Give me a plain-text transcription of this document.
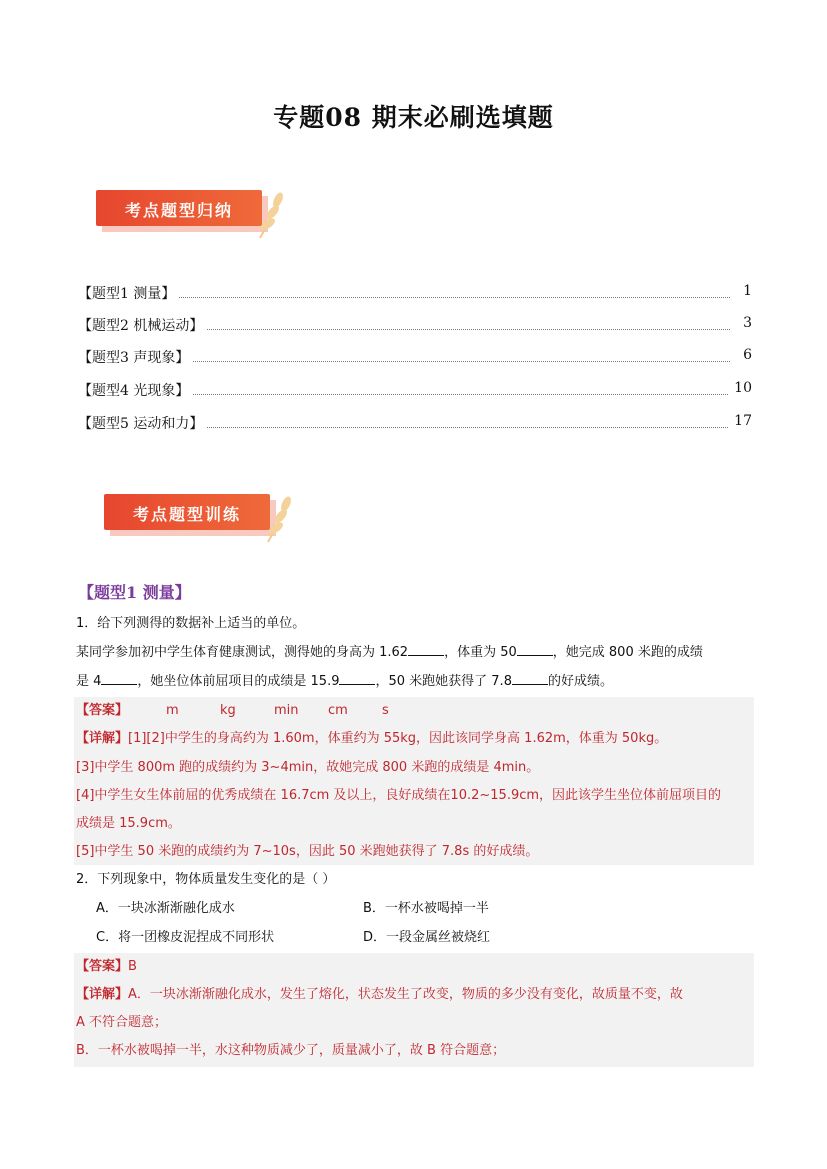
专题08 期末必刷选填题
考点题型归纳
【题型1 测量】	1
【题型2 机械运动】	3
【题型3 声现象】	6
【题型4 光现象】	10
【题型5 运动和力】	17
考点题型训练
【题型1 测量】
1．给下列测得的数据补上适当的单位。
某同学参加初中学生体育健康测试，测得她的身高为 1.62	，体重为 50	，她完成 800 米跑的成绩
是 4	，她坐位体前屈项目的成绩是 15.9	，50 米跑她获得了 7.8	的好成绩。
【答案】	m	kg	min cm	s
【详解】[1][2]中学生的身高约为 1.60m，体重约为 55kg，因此该同学身高 1.62m，体重为 50kg。
[3]中学生 800m 跑的成绩约为 3~4min，故她完成 800 米跑的成绩是 4min。
[4]中学生女生体前屈的优秀成绩在 16.7cm 及以上，良好成绩在10.2~15.9cm，因此该学生坐位体前屈项目的
成绩是 15.9cm。
[5]中学生 50 米跑的成绩约为 7~10s，因此 50 米跑她获得了 7.8s 的好成绩。
2．下列现象中，物体质量发生变化的是（ ）
A．一块冰渐渐融化成水	B．一杯水被喝掉一半
C．将一团橡皮泥捏成不同形状	D．一段金属丝被烧红
【答案】B
【详解】A．一块冰渐渐融化成水，发生了熔化，状态发生了改变，物质的多少没有变化，故质量不变，故
A 不符合题意；
B．一杯水被喝掉一半，水这种物质减少了，质量减小了，故 B 符合题意；
